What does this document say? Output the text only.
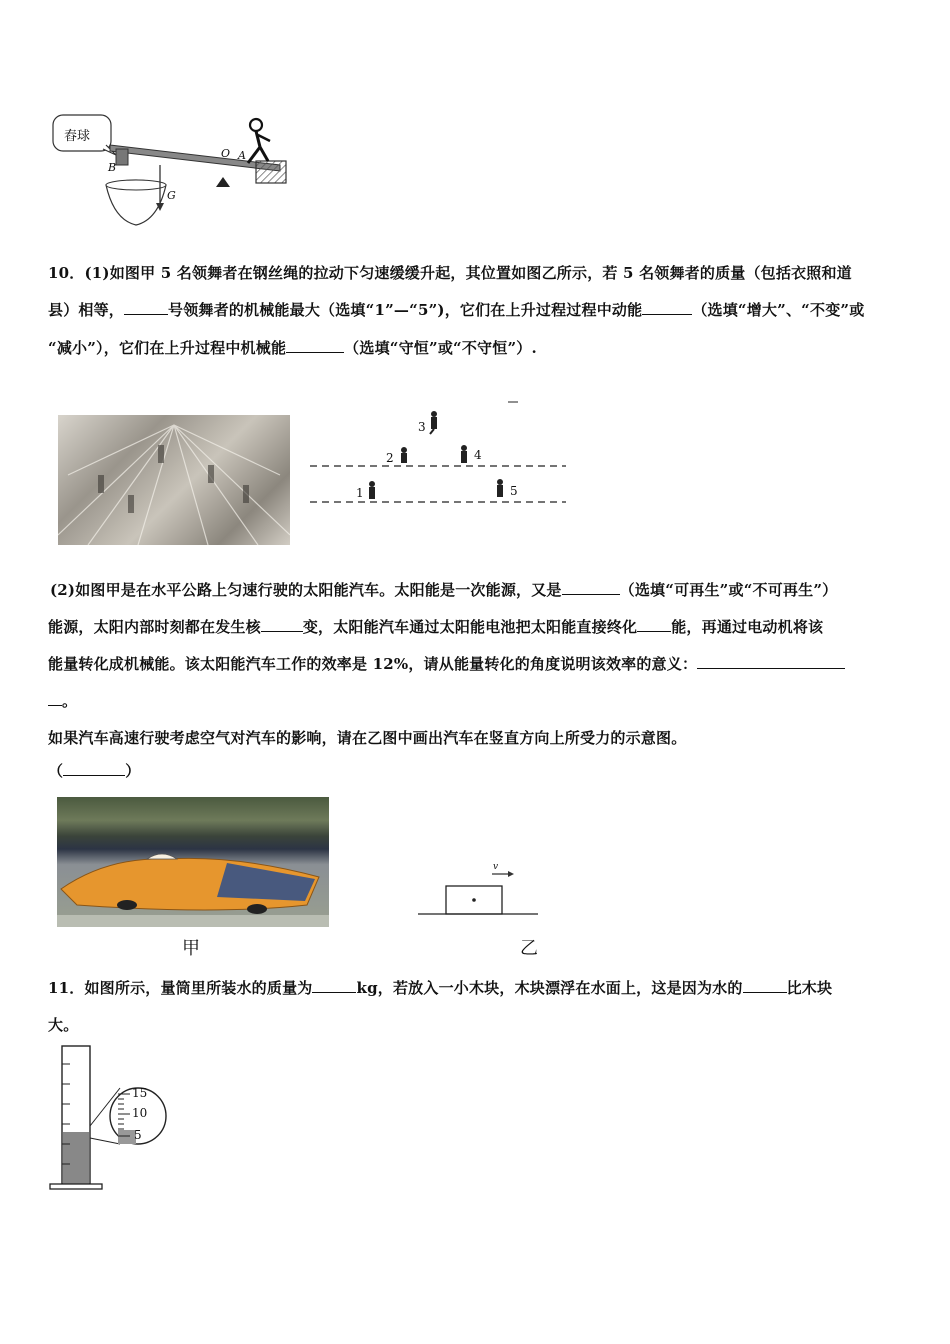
舂球
B
O A
G
10．(1)如图甲 5 名领舞者在钢丝绳的拉动下匀速缓缓升起，其位置如图乙所示，若 5 名领舞者的质量（包括衣照和道
县）相等，	号领舞者的机械能最大（选填“1”—“5”)，它们在上升过程过程中动能	（选填“增大”、“不变”或
“减小”），它们在上升过程中机械能	（选填“守恒”或“不守恒”）.
3
2	4
1	5
(2)如图甲是在水平公路上匀速行驶的太阳能汽车。太阳能是一次能源，又是	（选填“可再生”或“不可再生”）
能源，太阳内部时刻都在发生核	变，太阳能汽车通过太阳能电池把太阳能直接终化 能，再通过电动机将该
能量转化成机械能。该太阳能汽车工作的效率是 12%，请从能量转化的角度说明该效率的意义：
。
如果汽车高速行驶考虑空气对汽车的影响，请在乙图中画出汽车在竖直方向上所受力的示意图。
（	）
甲
v
乙
11．如图所示，量筒里所装水的质量为	kg，若放入一小木块，木块漂浮在水面上，这是因为水的	比木块
大。
15
10
5
